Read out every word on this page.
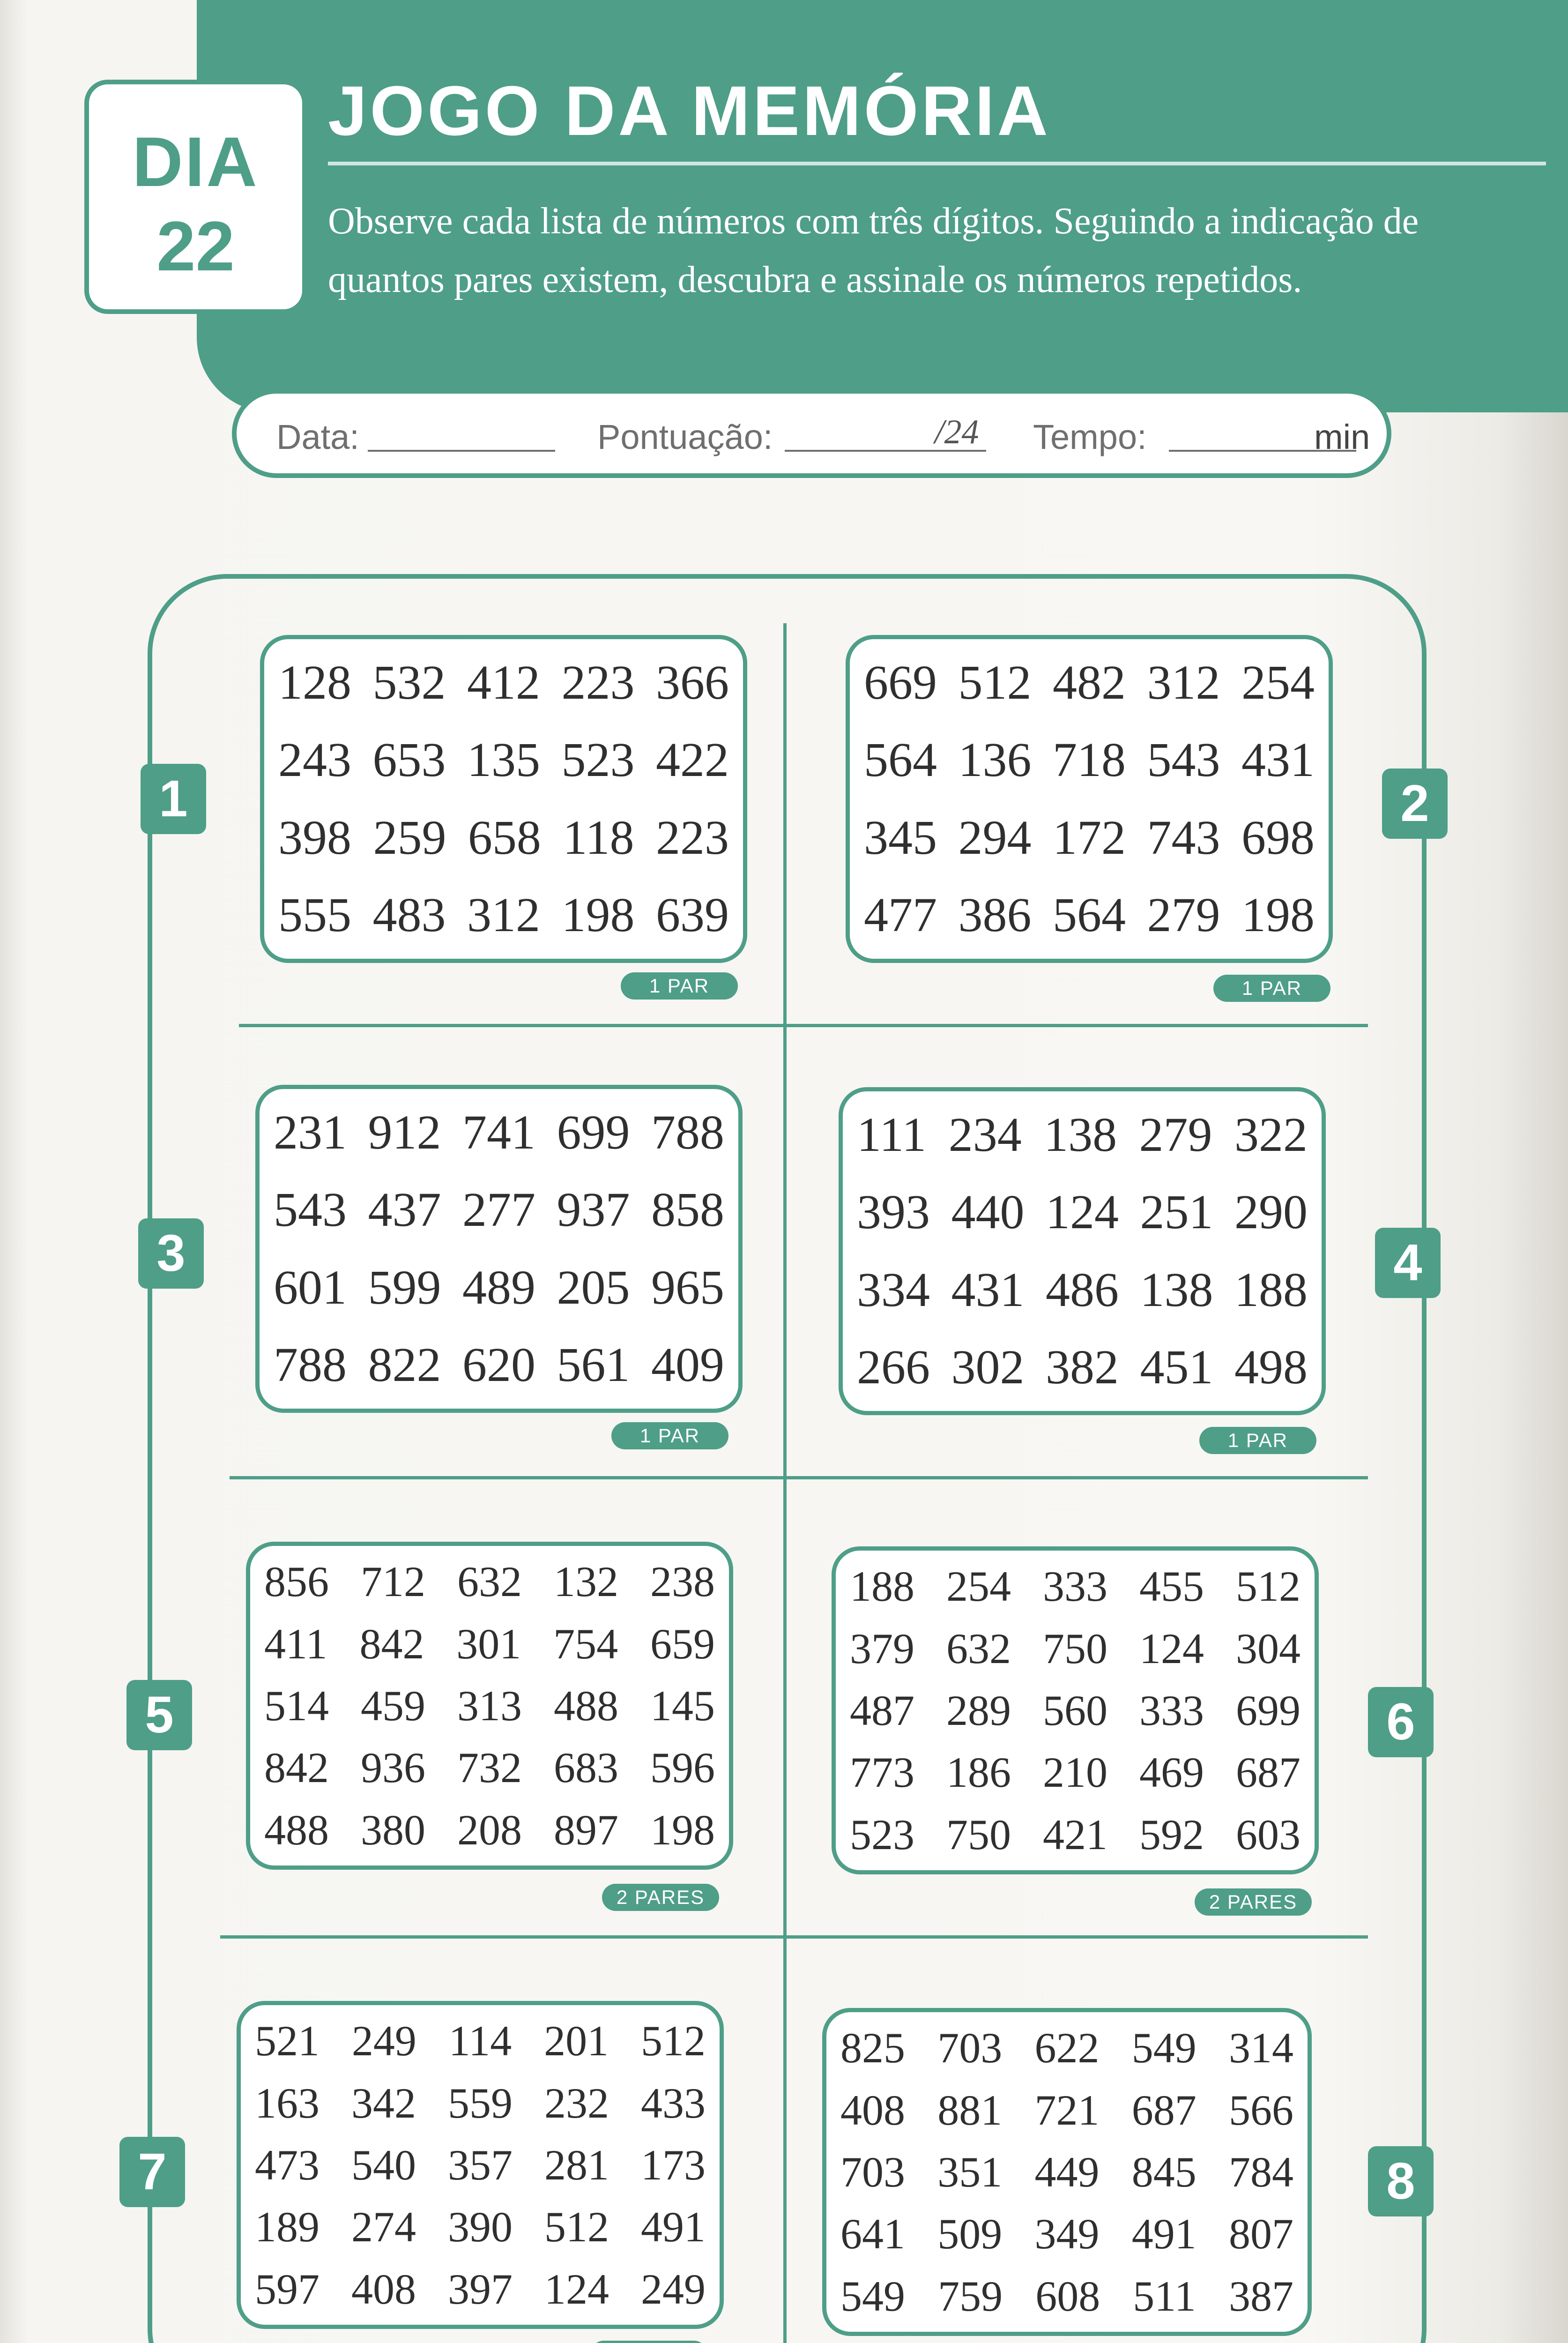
DIA
22
JOGO DA MEMÓRIA
Observe cada lista de números com três dígitos. Seguindo a indicação de quantos pares existem, descubra e assinale os números repetidos.
Data:	Pontuação:	/24 Tempo:	min
1
128 532 412 223 366
243 653 135 523 422
398 259 658 118 223
555 483 312 198 639
1 PAR
2
669 512 482 312 254
564 136 718 543 431
345 294 172 743 698
477 386 564 279 198
1 PAR
3
231 912 741 699 788
543 437 277 937 858
601 599 489 205 965
788 822 620 561 409
1 PAR
4
111 234 138 279 322
393 440 124 251 290
334 431 486 138 188
266 302 382 451 498
1 PAR
5
856 712 632 132 238
411 842 301 754 659
514 459 313 488 145
842 936 732 683 596
488 380 208 897 198
2 PARES
6
188 254 333 455 512
379 632 750 124 304
487 289 560 333 699
773 186 210 469 687
523 750 421 592 603
2 PARES
7
521 249 114 201 512
163 342 559 232 433
473 540 357 281 173
189 274 390 512 491
597 408 397 124 249
8
825 703 622 549 314
408 881 721 687 566
703 351 449 845 784
641 509 349 491 807
549 759 608 511 387
